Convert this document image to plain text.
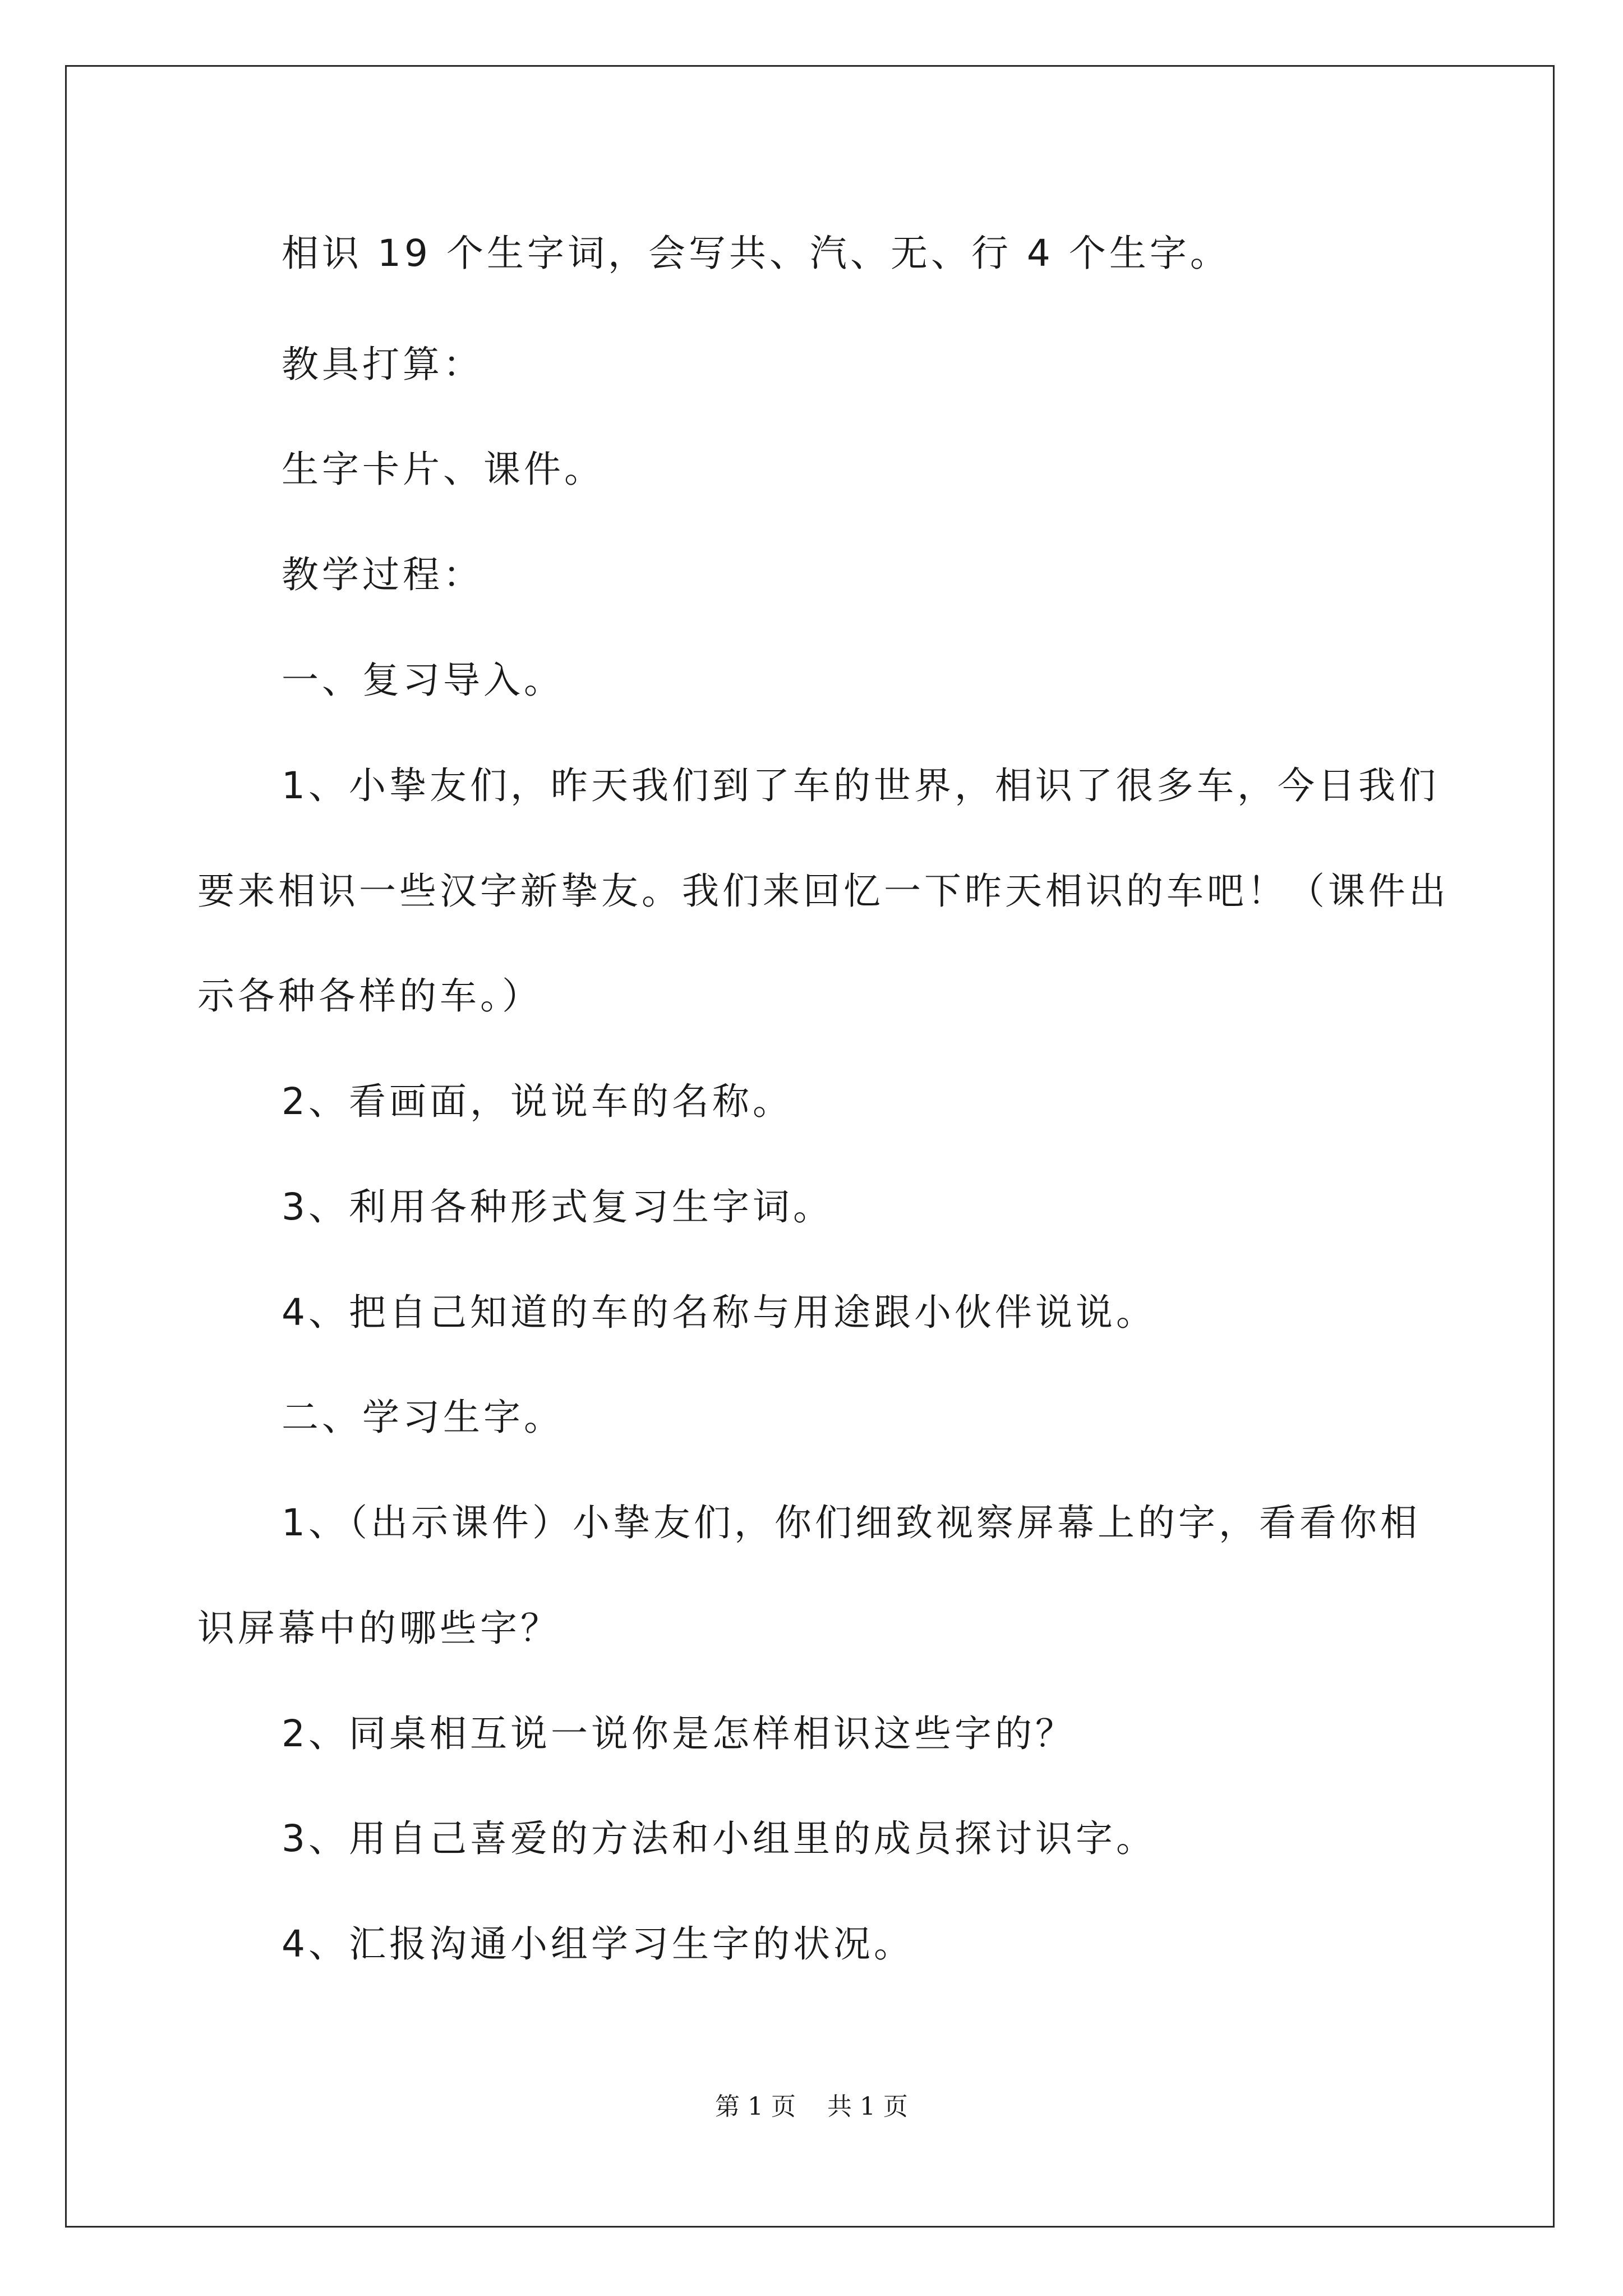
相识 19 个生字词，会写共、汽、无、行 4 个生字。
教具打算：
生字卡片、课件。
教学过程：
一、复习导入。
1、小挚友们，昨天我们到了车的世界，相识了很多车，今日我们
要来相识一些汉字新挚友。我们来回忆一下昨天相识的车吧！（课件出
示各种各样的车。）
2、看画面，说说车的名称。
3、利用各种形式复习生字词。
4、把自己知道的车的名称与用途跟小伙伴说说。
二、学习生字。
1、（出示课件）小挚友们，你们细致视察屏幕上的字，看看你相
识屏幕中的哪些字？
2、同桌相互说一说你是怎样相识这些字的？
3、用自己喜爱的方法和小组里的成员探讨识字。
4、汇报沟通小组学习生字的状况。
第 1 页    共 1 页
